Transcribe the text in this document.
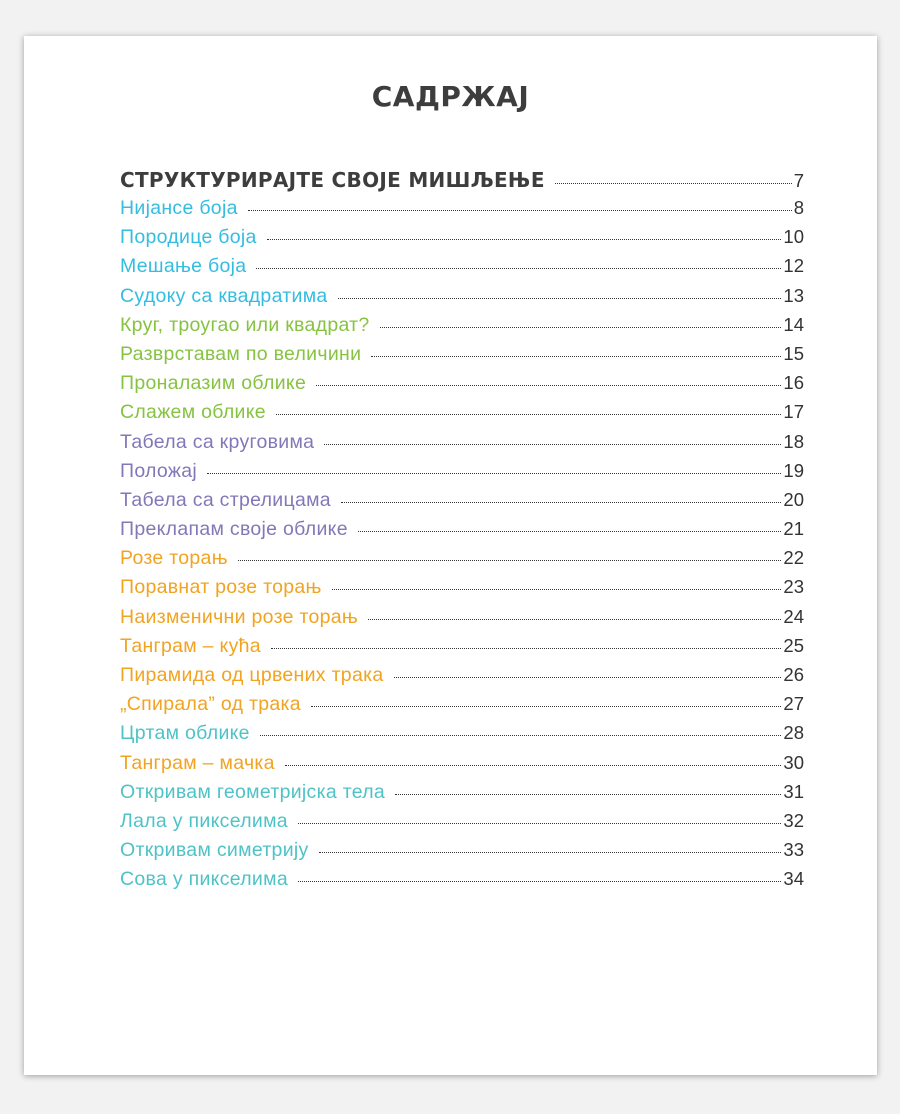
САДРЖАЈ
СТРУКТУРИРАЈТЕ СВОЈЕ МИШЉЕЊЕ	7
Нијансе боја	8
Породице боја	10
Мешање боја	12
Судоку са квадратима	13
Круг, троугао или квадрат?	14
Разврставам по величини	15
Проналазим облике	16
Слажем облике	17
Табела са круговима	18
Положај	19
Табела са стрелицама	20
Преклапам своје облике	21
Розе торањ	22
Поравнат розе торањ	23
Наизменични розе торањ	24
Танграм – кућа	25
Пирамида од црвених трака	26
„Спирала” од трака	27
Цртам облике	28
Танграм – мачка	30
Откривам геометријска тела	31
Лала у пикселима	32
Откривам симетрију	33
Сова у пикселима	34
